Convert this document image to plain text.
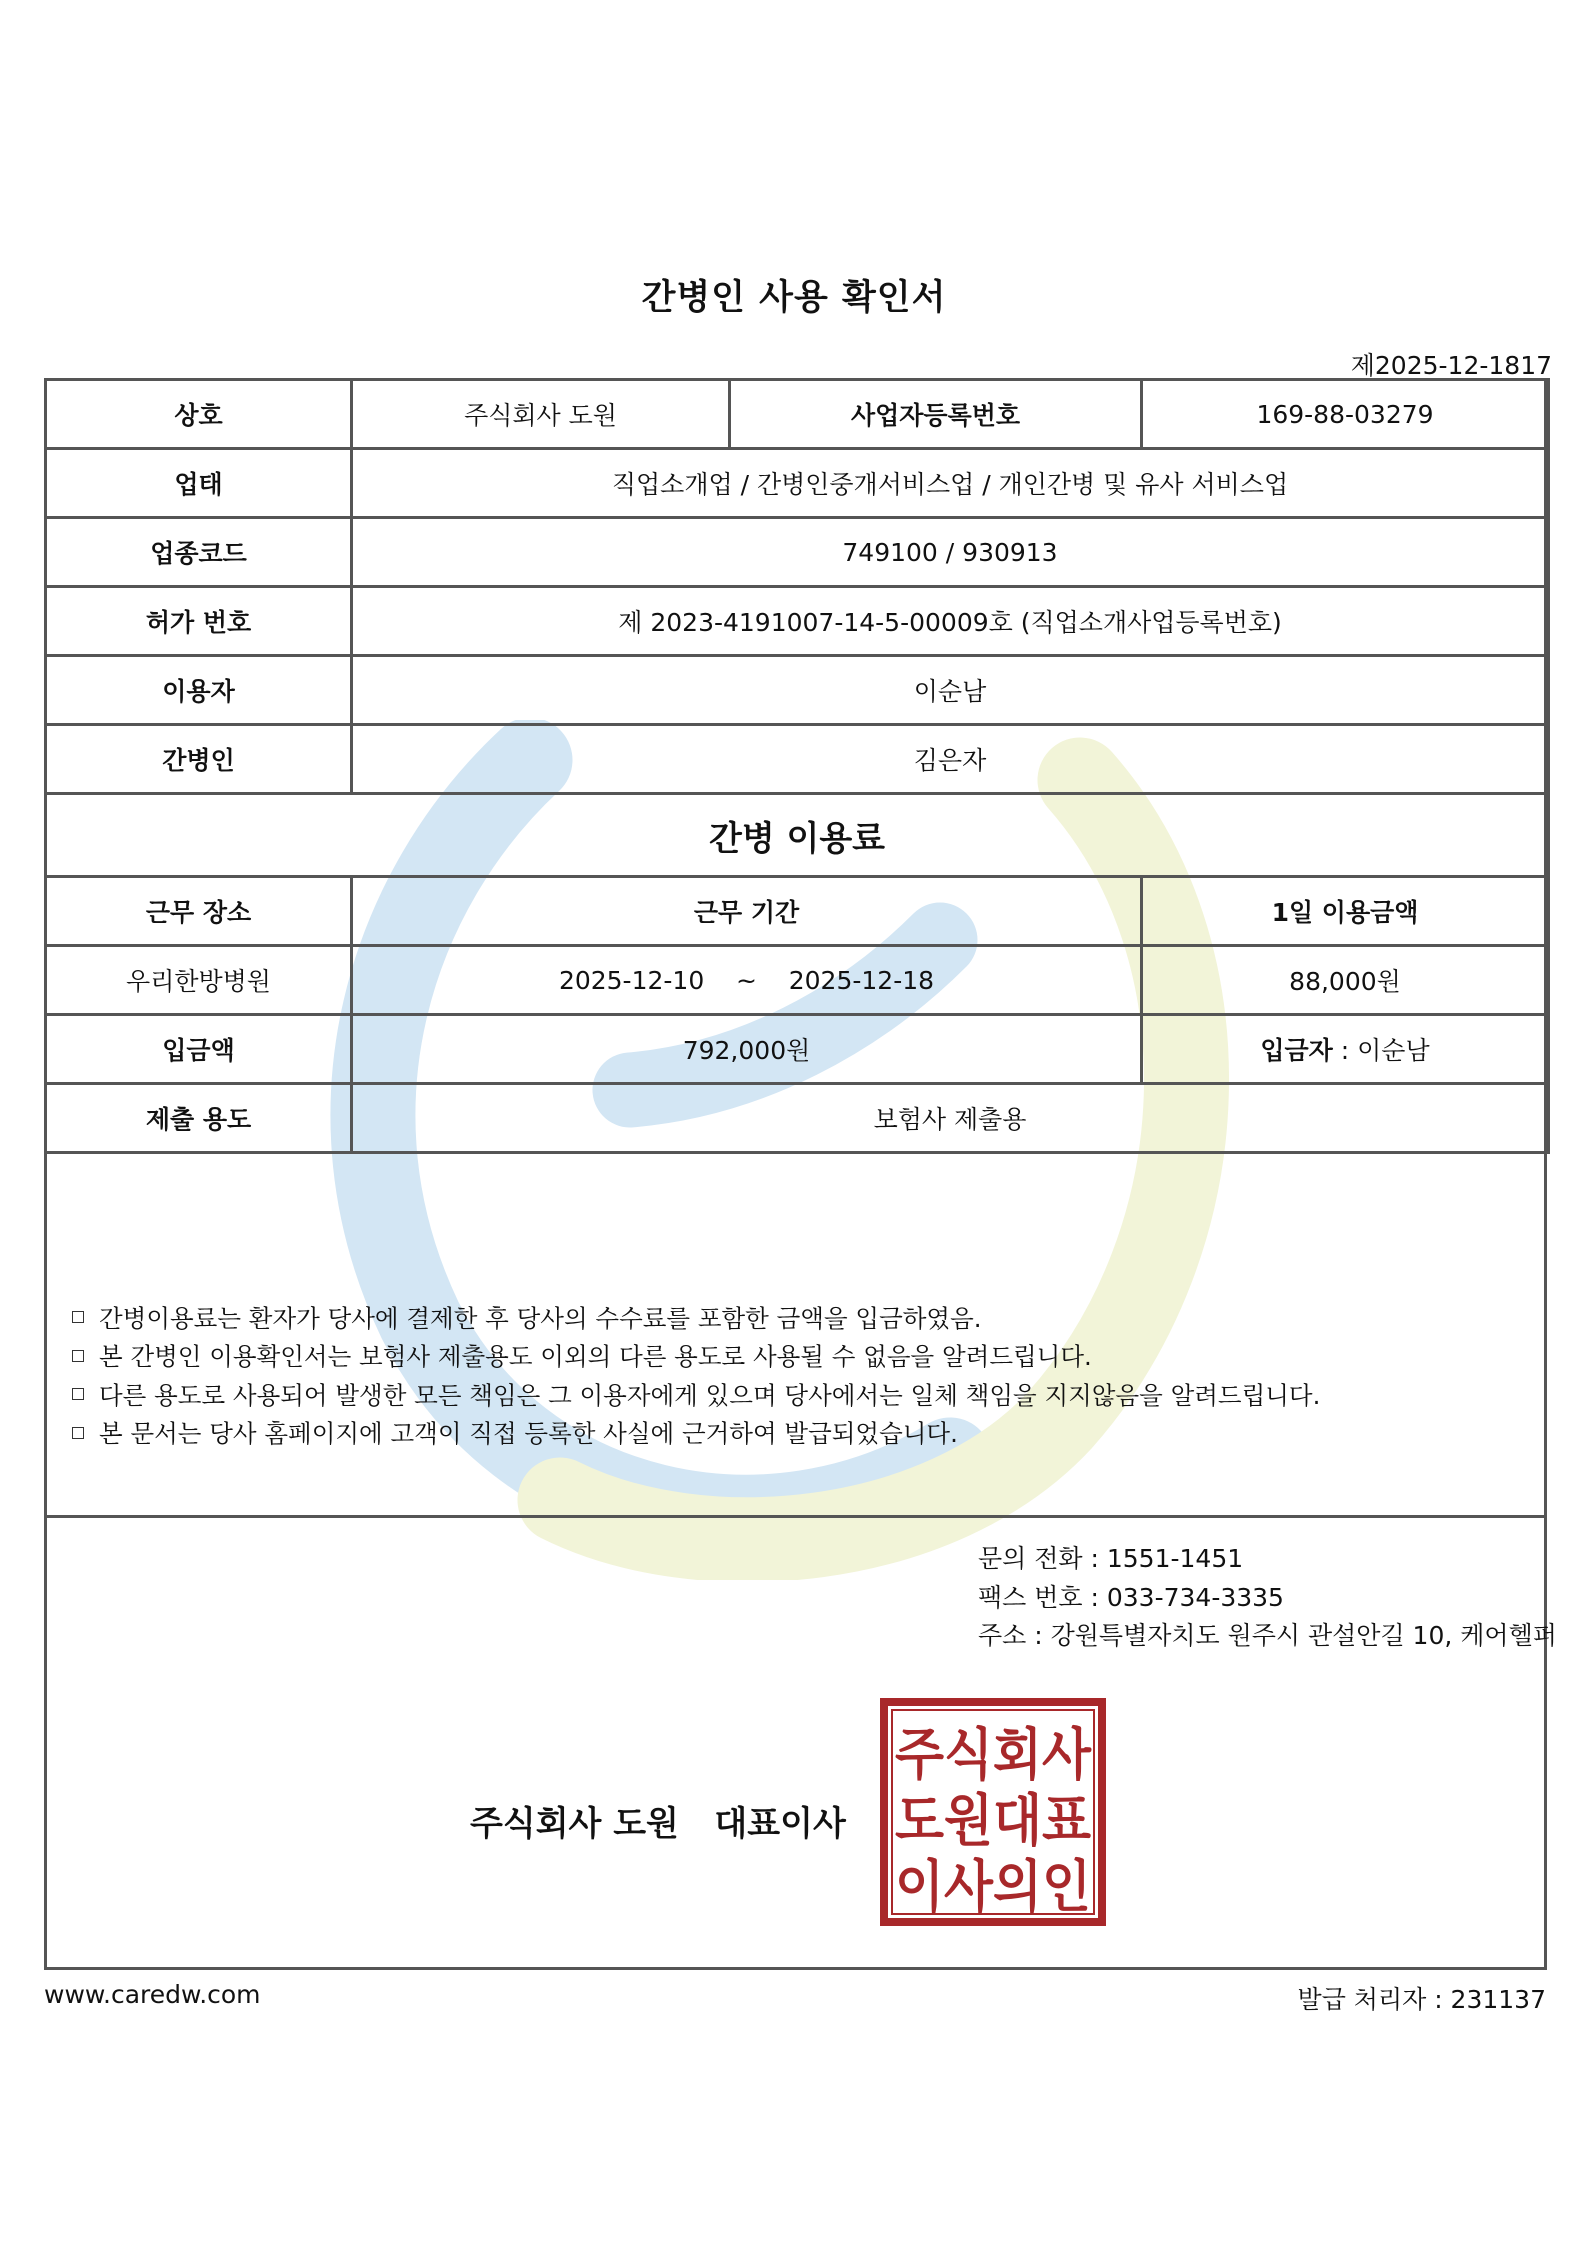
간병인 사용 확인서
제2025-12-1817
상호	주식회사 도원	사업자등록번호	169-88-03279
업태	직업소개업 / 간병인중개서비스업 / 개인간병 및 유사 서비스업		
업종코드	749100 / 930913		
허가 번호	제 2023-4191007-14-5-00009호 (직업소개사업등록번호)		
이용자	이순남		
간병인	김은자		
간병 이용료			
근무 장소	근무 기간		1일 이용금액
우리한방병원	2025-12-10    ~    2025-12-18		88,000원
입금액	792,000원		입금자 : 이순남
제출 용도	보험사 제출용		
간병이용료는 환자가 당사에 결제한 후 당사의 수수료를 포함한 금액을 입금하였음.
본 간병인 이용확인서는 보험사 제출용도 이외의 다른 용도로 사용될 수 없음을 알려드립니다.
다른 용도로 사용되어 발생한 모든 책임은 그 이용자에게 있으며 당사에서는 일체 책임을 지지않음을 알려드립니다.
본 문서는 당사 홈페이지에 고객이 직접 등록한 사실에 근거하여 발급되었습니다.
문의 전화 : 1551-1451
팩스 번호 : 033-734-3335
주소 : 강원특별자치도 원주시 관설안길 10, 케어헬퍼
주식회사 도원   대표이사
주식회사
도원대표
이사의인
www.caredw.com	발급 처리자 : 231137
